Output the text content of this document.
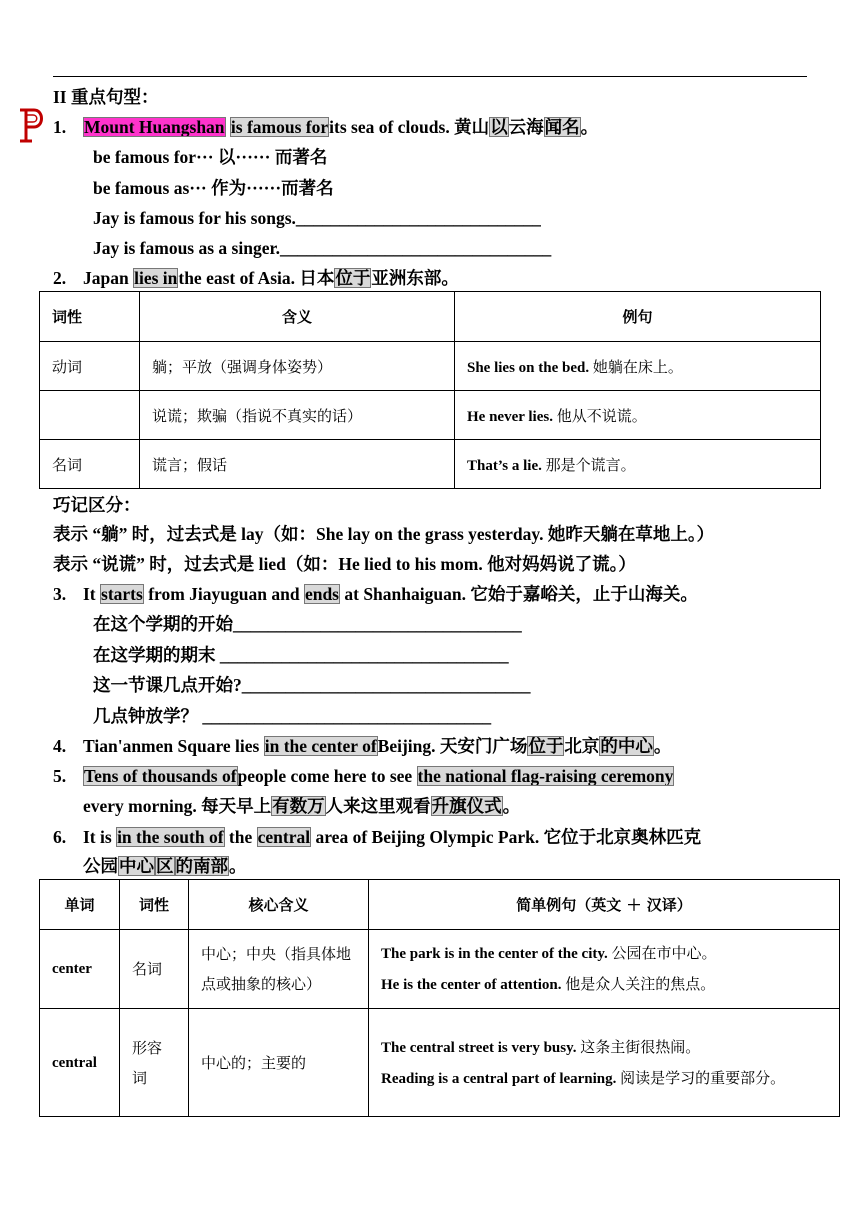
II 重点句型：
1. Mount Huangshan is famous forits sea of clouds. 黄山以云海闻名。
be famous for··· 以······ 而著名
be famous as··· 作为······而著名
Jay is famous for his songs.____________________________
Jay is famous as a singer._______________________________
2. Japan lies inthe east of Asia. 日本位于亚洲东部。
词性	含义	例句
动词	躺；平放（强调身体姿势）	She lies on the bed. 她躺在床上。
	说谎；欺骗（指说不真实的话）	He never lies. 他从不说谎。
名词	谎言；假话	That’s a lie. 那是个谎言。
巧记区分：
表示 “躺” 时，过去式是 lay（如：She lay on the grass yesterday. 她昨天躺在草地上。）
表示 “说谎” 时，过去式是 lied（如：He lied to his mom. 他对妈妈说了谎。）
3. It starts from Jiayuguan and ends at Shanhaiguan. 它始于嘉峪关，止于山海关。
在这个学期的开始_________________________________
在这学期的期末 _________________________________
这一节课几点开始?_________________________________
几点钟放学？ _________________________________
4. Tian'anmen Square lies in the center ofBeijing. 天安门广场位于北京的中心。
5. Tens of thousands ofpeople come here to see the national flag-raising ceremony
every morning. 每天早上有数万人来这里观看升旗仪式。
6. It is in the south of the central area of Beijing Olympic Park. 它位于北京奥林匹克
公园中心 区 的南部。
单词	词性	核心含义	简单例句（英文 ＋ 汉译）
center	名词	中心；中央（指具体地点或抽象的核心）	The park is in the center of the city. 公园在市中心。
He is the center of attention. 他是众人关注的焦点。

central	形容词	中心的；主要的	The central street is very busy. 这条主街很热闹。
Reading is a central part of learning. 阅读是学习的重要部分。
